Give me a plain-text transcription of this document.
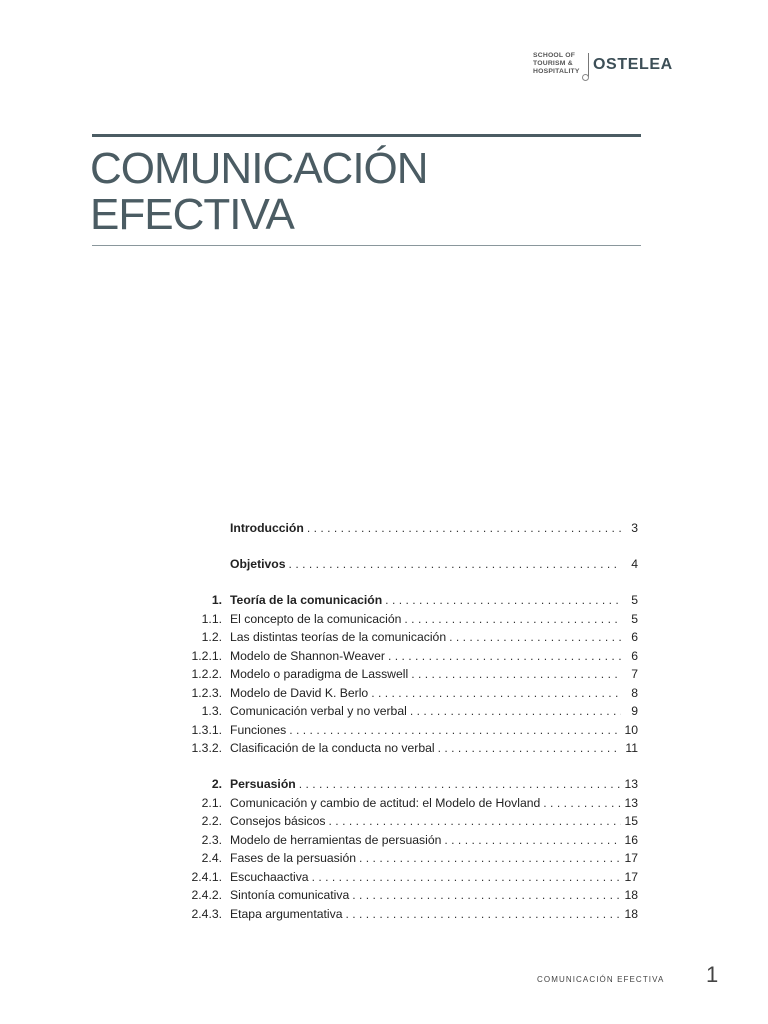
SCHOOL OF
TOURISM &
HOSPITALITY OSTELEA
COMUNICACIÓN
EFECTIVA
Introducción . . .	3
Objetivos . . .	4
1. Teoría de la comunicación . . .	5
1.1. El concepto de la comunicación . . .	5
1.2. Las distintas teorías de la comunicación . . .	6
1.2.1. Modelo de Shannon-Weaver . . .	6
1.2.2. Modelo o paradigma de Lasswell . . .	7
1.2.3. Modelo de David K. Berlo . . .	8
1.3. Comunicación verbal y no verbal . . .	9
1.3.1. Funciones . . .	10
1.3.2. Clasificación de la conducta no verbal . . .	11
2. Persuasión . . .	13
2.1. Comunicación y cambio de actitud: el Modelo de Hovland . . .	13
2.2. Consejos básicos . . .	15
2.3. Modelo de herramientas de persuasión . . .	16
2.4. Fases de la persuasión . . .	17
2.4.1. Escuchaactiva . . .	17
2.4.2. Sintonía comunicativa . . .	18
2.4.3. Etapa argumentativa . . .	18
COMUNICACIÓN EFECTIVA 1
